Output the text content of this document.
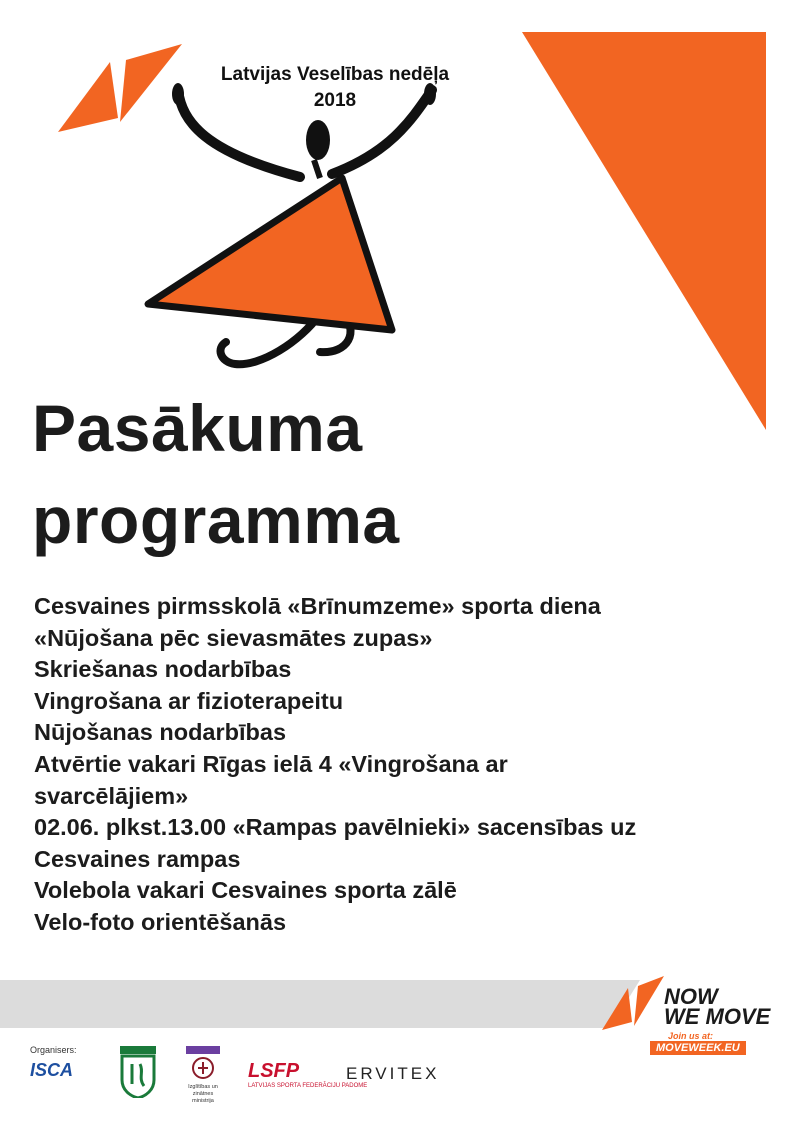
Latvijas Veselības nedēļa
2018
Pasākuma
programma
Cesvaines pirmsskolā «Brīnumzeme» sporta diena
«Nūjošana pēc sievasmātes zupas»
Skriešanas nodarbības
Vingrošana ar fizioterapeitu
Nūjošanas nodarbības
Atvērtie vakari Rīgas ielā 4 «Vingrošana ar
svarcēlājiem»
02.06. plkst.13.00 «Rampas pavēlnieki» sacensības uz
Cesvaines rampas
Volebola vakari Cesvaines sporta zālē
Velo-foto orientēšanās
NOW
WE MOVE
Join us at:
MOVEWEEK.EU
Organisers:
ISCA
Izglītības un zinātnes
ministrija
LSFP
LATVIJAS SPORTA FEDERĀCIJU PADOME
ERVITEX
